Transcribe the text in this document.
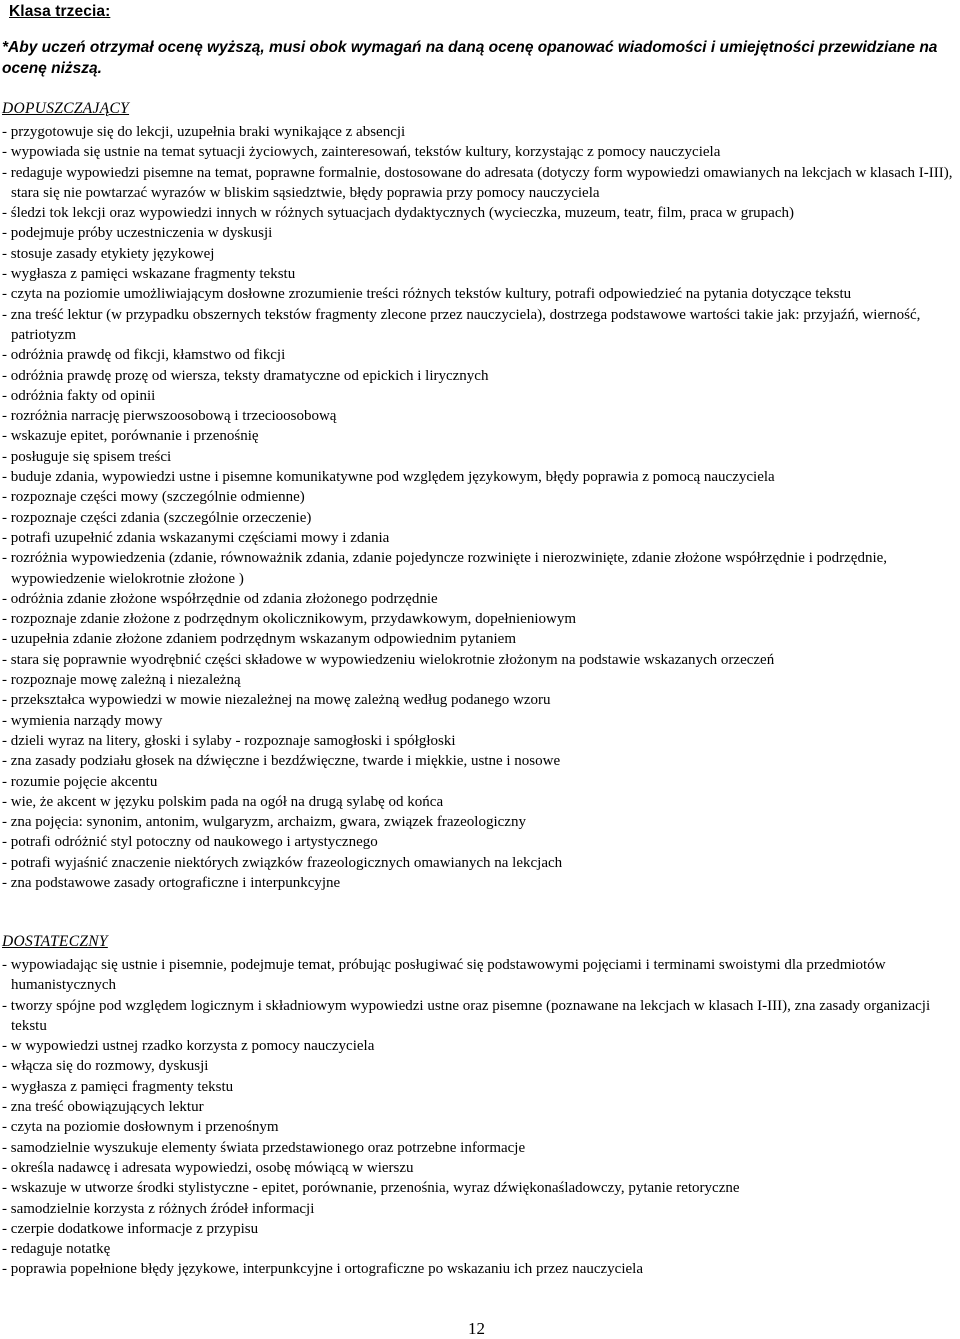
Klasa trzecia:
*Aby uczeń otrzymał ocenę wyższą, musi obok wymagań na daną ocenę opanować wiadomości i umiejętności przewidziane na ocenę niższą.
DOPUSZCZAJĄCY
- przygotowuje się do lekcji, uzupełnia braki wynikające z absencji
- wypowiada się ustnie na temat sytuacji życiowych, zainteresowań, tekstów kultury, korzystając z pomocy nauczyciela
- redaguje wypowiedzi pisemne na temat, poprawne formalnie, dostosowane do adresata (dotyczy form wypowiedzi omawianych na lekcjach w klasach I-III), stara się nie powtarzać wyrazów w bliskim sąsiedztwie, błędy poprawia przy pomocy nauczyciela
- śledzi tok lekcji oraz wypowiedzi innych w różnych sytuacjach dydaktycznych (wycieczka, muzeum, teatr, film, praca w grupach)
- podejmuje próby uczestniczenia w dyskusji
- stosuje zasady etykiety językowej
- wygłasza z pamięci wskazane fragmenty tekstu
- czyta na poziomie umożliwiającym dosłowne zrozumienie treści różnych tekstów kultury, potrafi odpowiedzieć na pytania dotyczące tekstu
- zna treść lektur (w przypadku obszernych tekstów fragmenty zlecone przez nauczyciela), dostrzega podstawowe wartości takie jak: przyjaźń, wierność, patriotyzm
- odróżnia prawdę od fikcji, kłamstwo od fikcji
- odróżnia prawdę prozę od wiersza, teksty dramatyczne od epickich i lirycznych
- odróżnia fakty od opinii
- rozróżnia narrację pierwszoosobową i trzecioosobową
- wskazuje epitet, porównanie i przenośnię
- posługuje się spisem treści
- buduje zdania, wypowiedzi ustne i pisemne komunikatywne pod względem językowym, błędy poprawia z pomocą nauczyciela
- rozpoznaje części mowy (szczególnie odmienne)
- rozpoznaje części zdania (szczególnie orzeczenie)
- potrafi uzupełnić zdania wskazanymi częściami mowy i zdania
- rozróżnia wypowiedzenia (zdanie, równoważnik zdania, zdanie pojedyncze rozwinięte i nierozwinięte, zdanie złożone współrzędnie i podrzędnie, wypowiedzenie wielokrotnie złożone )
- odróżnia zdanie złożone współrzędnie od zdania złożonego podrzędnie
- rozpoznaje zdanie złożone z podrzędnym okolicznikowym, przydawkowym, dopełnieniowym
- uzupełnia zdanie złożone zdaniem podrzędnym wskazanym odpowiednim pytaniem
- stara się poprawnie wyodrębnić części składowe w wypowiedzeniu wielokrotnie złożonym na podstawie wskazanych orzeczeń
- rozpoznaje mowę zależną i niezależną
- przekształca wypowiedzi w mowie niezależnej na mowę zależną według podanego wzoru
- wymienia narządy mowy
- dzieli wyraz na litery, głoski i sylaby - rozpoznaje samogłoski i spółgłoski
- zna zasady podziału głosek na dźwięczne i bezdźwięczne, twarde i miękkie, ustne i nosowe
- rozumie pojęcie akcentu
- wie, że akcent w języku polskim pada na ogół na drugą sylabę od końca
- zna pojęcia: synonim, antonim, wulgaryzm, archaizm, gwara, związek frazeologiczny
- potrafi odróżnić styl potoczny od naukowego i artystycznego
- potrafi wyjaśnić znaczenie niektórych związków frazeologicznych omawianych na lekcjach
- zna podstawowe zasady ortograficzne i interpunkcyjne
DOSTATECZNY
- wypowiadając się ustnie i pisemnie, podejmuje temat, próbując posługiwać się podstawowymi pojęciami i terminami swoistymi dla przedmiotów humanistycznych
- tworzy spójne pod względem logicznym i składniowym wypowiedzi ustne oraz pisemne (poznawane na lekcjach w klasach I-III), zna zasady organizacji tekstu
- w wypowiedzi ustnej rzadko korzysta z pomocy nauczyciela
- włącza się do rozmowy, dyskusji
- wygłasza z pamięci fragmenty tekstu
- zna treść obowiązujących lektur
- czyta na poziomie dosłownym i przenośnym
- samodzielnie wyszukuje elementy świata przedstawionego oraz potrzebne informacje
- określa nadawcę i adresata wypowiedzi, osobę mówiącą w wierszu
- wskazuje w utworze środki stylistyczne - epitet, porównanie, przenośnia, wyraz dźwiękonaśladowczy, pytanie retoryczne
- samodzielnie korzysta z różnych źródeł informacji
- czerpie dodatkowe informacje z przypisu
- redaguje notatkę
- poprawia popełnione błędy językowe, interpunkcyjne i ortograficzne po wskazaniu ich przez nauczyciela
12
